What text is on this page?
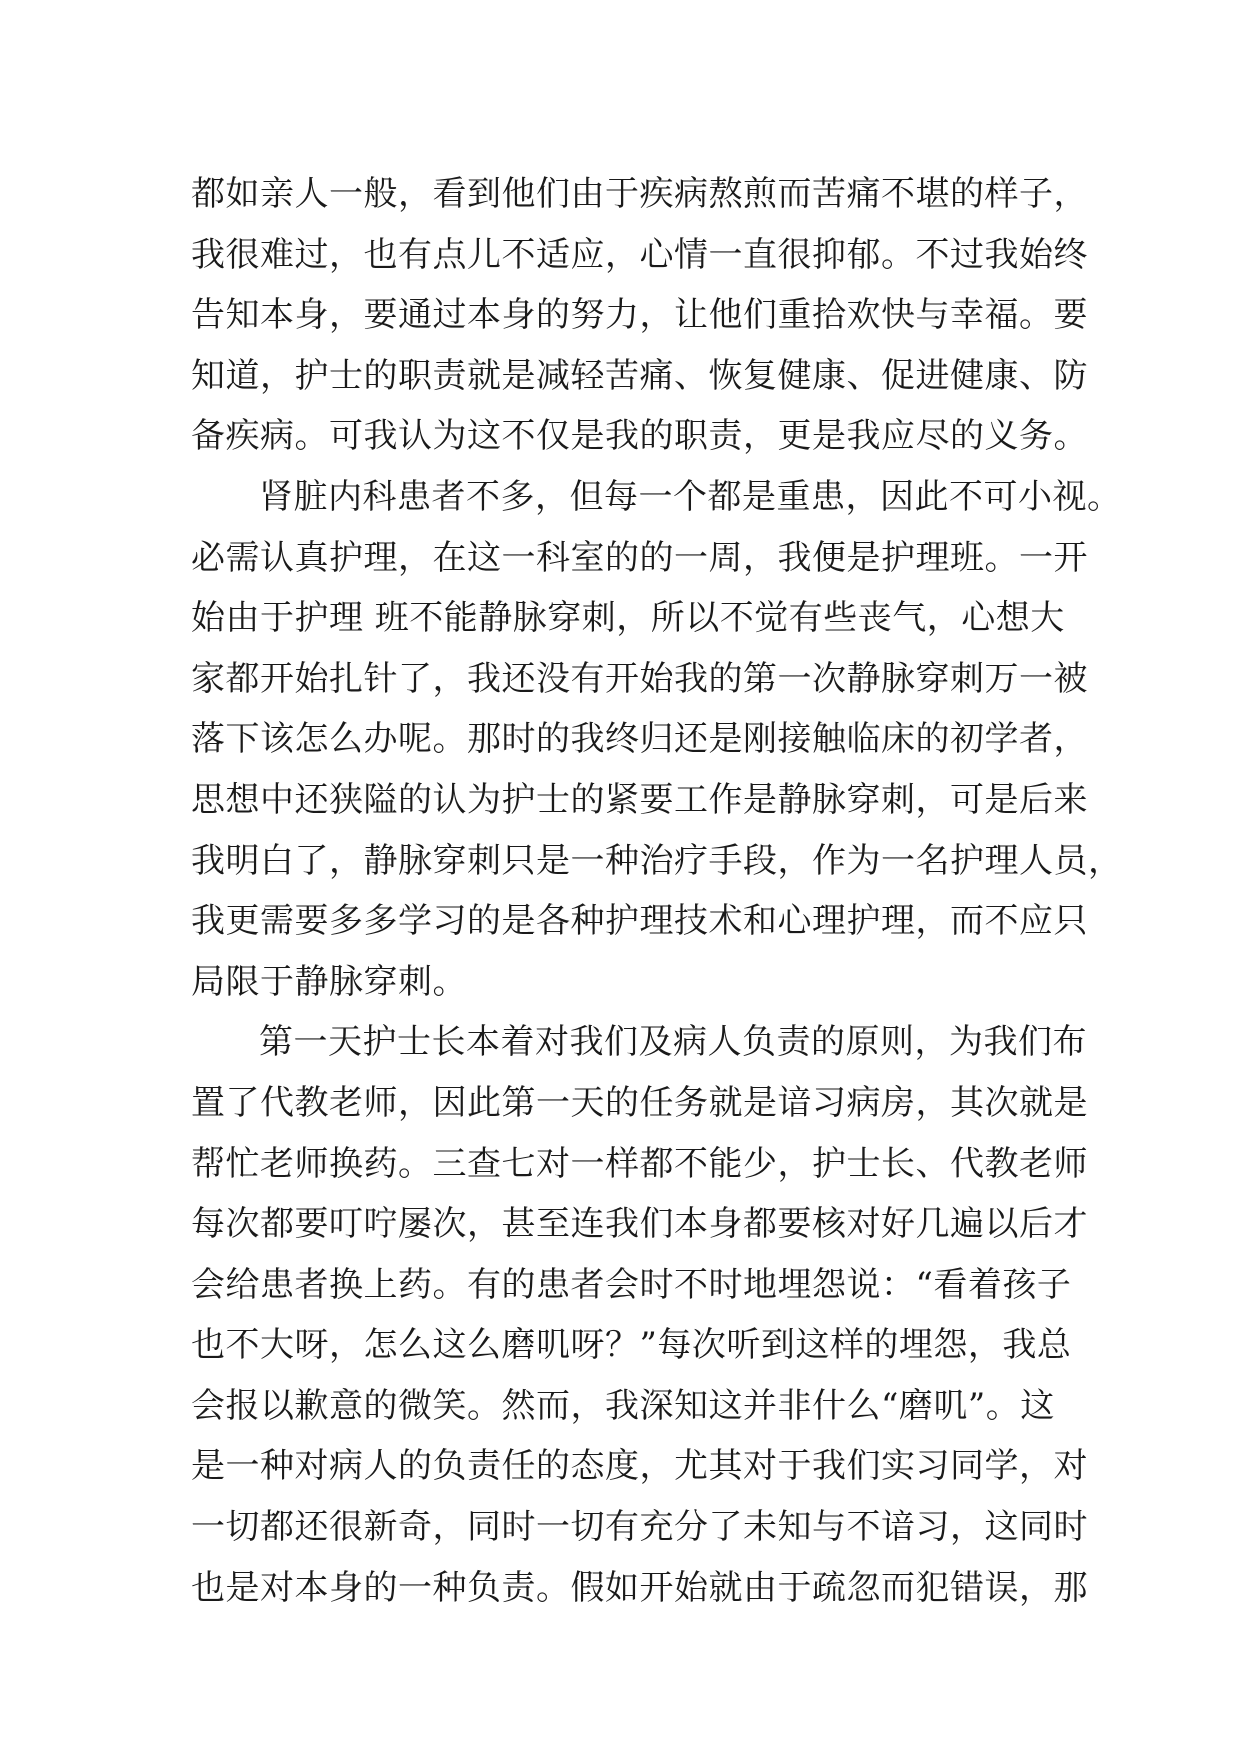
都如亲人一般，看到他们由于疾病熬煎而苦痛不堪的样子，
我很难过，也有点儿不适应，心情一直很抑郁。不过我始终
告知本身，要通过本身的努力，让他们重拾欢快与幸福。要
知道，护士的职责就是减轻苦痛、恢复健康、促进健康、防
备疾病。可我认为这不仅是我的职责，更是我应尽的义务。
肾脏内科患者不多，但每一个都是重患，因此不可小视。
必需认真护理，在这一科室的的一周，我便是护理班。一开
始由于护理 班不能静脉穿刺，所以不觉有些丧气，心想大
家都开始扎针了，我还没有开始我的第一次静脉穿刺万一被
落下该怎么办呢。那时的我终归还是刚接触临床的初学者，
思想中还狭隘的认为护士的紧要工作是静脉穿刺，可是后来
我明白了，静脉穿刺只是一种治疗手段，作为一名护理人员，
我更需要多多学习的是各种护理技术和心理护理，而不应只
局限于静脉穿刺。
第一天护士长本着对我们及病人负责的原则，为我们布
置了代教老师，因此第一天的任务就是谙习病房，其次就是
帮忙老师换药。三查七对一样都不能少，护士长、代教老师
每次都要叮咛屡次，甚至连我们本身都要核对好几遍以后才
会给患者换上药。有的患者会时不时地埋怨说：“看着孩子
也不大呀，怎么这么磨叽呀？”每次听到这样的埋怨，我总
会报以歉意的微笑。然而，我深知这并非什么“磨叽”。这
是一种对病人的负责任的态度，尤其对于我们实习同学，对
一切都还很新奇，同时一切有充分了未知与不谙习，这同时
也是对本身的一种负责。假如开始就由于疏忽而犯错误，那
